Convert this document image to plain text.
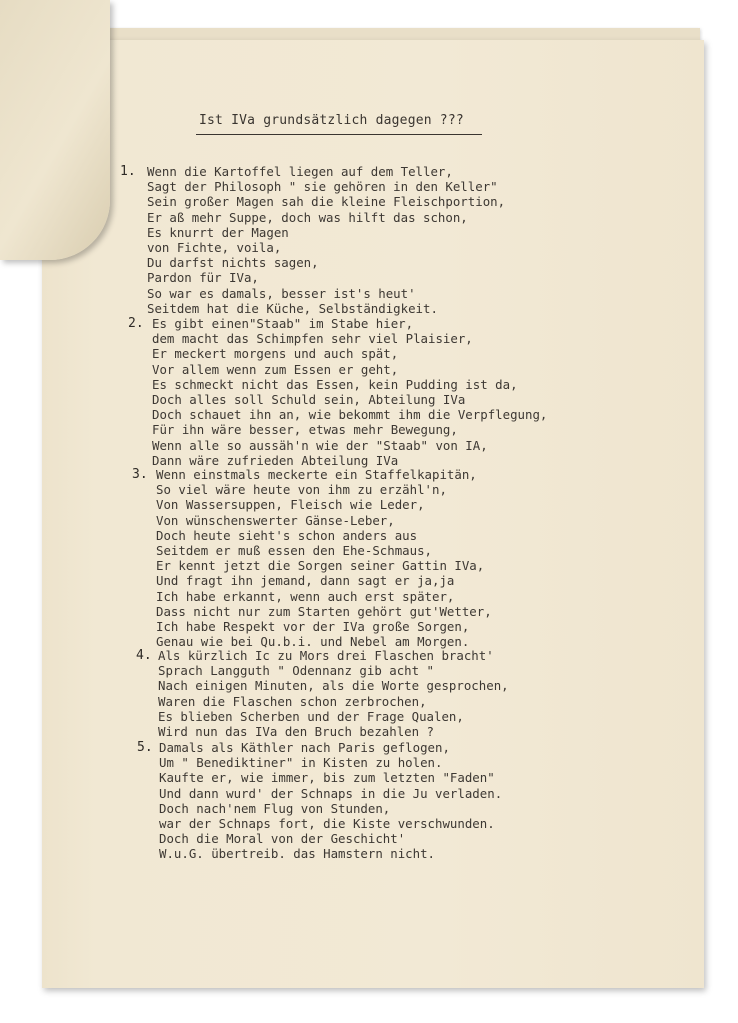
Ist IVa grundsätzlich dagegen ???
1. Wenn die Kartoffel liegen auf dem Teller,
Sagt der Philosoph " sie gehören in den Keller"
Sein großer Magen sah die kleine Fleischportion,
Er aß mehr Suppe, doch was hilft das schon,
Es knurrt der Magen
von Fichte, voila,
Du darfst nichts sagen,
Pardon für IVa,
So war es damals, besser ist's heut'
Seitdem hat die Küche, Selbständigkeit.
2. Es gibt einen"Staab" im Stabe hier,
dem macht das Schimpfen sehr viel Plaisier,
Er meckert morgens und auch spät,
Vor allem wenn zum Essen er geht,
Es schmeckt nicht das Essen, kein Pudding ist da,
Doch alles soll Schuld sein, Abteilung IVa
Doch schauet ihn an, wie bekommt ihm die Verpflegung,
Für ihn wäre besser, etwas mehr Bewegung,
Wenn alle so aussäh'n wie der "Staab" von IA,
Dann wäre zufrieden Abteilung IVa
3. Wenn einstmals meckerte ein Staffelkapitän,
So viel wäre heute von ihm zu erzähl'n,
Von Wassersuppen, Fleisch wie Leder,
Von wünschenswerter Gänse-Leber,
Doch heute sieht's schon anders aus
Seitdem er muß essen den Ehe-Schmaus,
Er kennt jetzt die Sorgen seiner Gattin IVa,
Und fragt ihn jemand, dann sagt er ja,ja
Ich habe erkannt, wenn auch erst später,
Dass nicht nur zum Starten gehört gut'Wetter,
Ich habe Respekt vor der IVa große Sorgen,
Genau wie bei Qu.b.i. und Nebel am Morgen.
4. Als kürzlich Ic zu Mors drei Flaschen bracht'
Sprach Langguth " Odennanz gib acht "
Nach einigen Minuten, als die Worte gesprochen,
Waren die Flaschen schon zerbrochen,
Es blieben Scherben und der Frage Qualen,
Wird nun das IVa den Bruch bezahlen ?
5. Damals als Käthler nach Paris geflogen,
Um " Benediktiner" in Kisten zu holen.
Kaufte er, wie immer, bis zum letzten "Faden"
Und dann wurd' der Schnaps in die Ju verladen.
Doch nach'nem Flug von Stunden,
war der Schnaps fort, die Kiste verschwunden.
Doch die Moral von der Geschicht'
W.u.G. übertreib. das Hamstern nicht.
